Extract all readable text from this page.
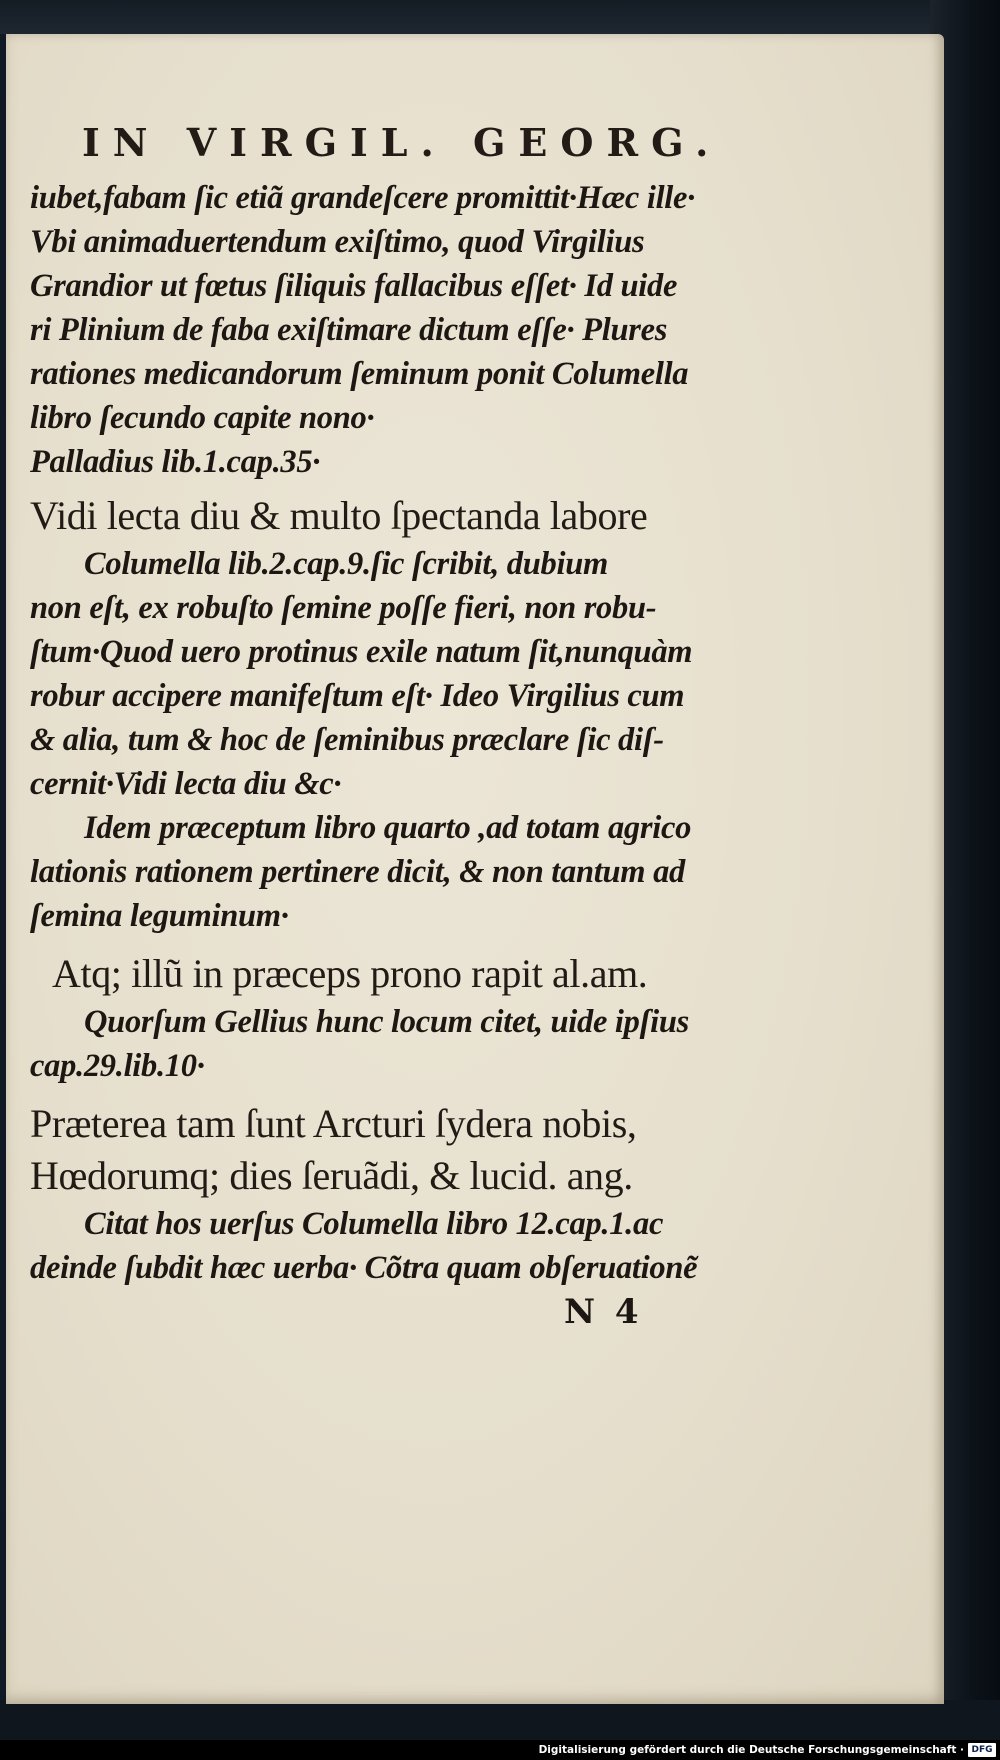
IN VIRGIL. GEORG.
iubet,fabam ſic etiã grandeſcere promittit·Hæc ille·
Vbi animaduertendum exiſtimo, quod Virgilius
Grandior ut fœtus ſiliquis fallacibus eſſet· Id uide
ri Plinium de faba exiſtimare dictum eſſe· Plures
rationes medicandorum ſeminum ponit Columella
libro ſecundo capite nono·
Palladius lib.1.cap.35·
Vidi lecta diu & multo ſpectanda labore
Columella lib.2.cap.9.ſic ſcribit, dubium
non eſt, ex robuſto ſemine poſſe fieri, non robu-
ſtum·Quod uero protinus exile natum ſit,nunquàm
robur accipere manifeſtum eſt· Ideo Virgilius cum
& alia, tum & hoc de ſeminibus præclare ſic diſ-
cernit·Vidi lecta diu &c·
Idem præceptum libro quarto ,ad totam agrico
lationis rationem pertinere dicit, & non tantum ad
ſemina leguminum·
Atq; illũ in præceps prono rapit al.am.
Quorſum Gellius hunc locum citet, uide ipſius
cap.29.lib.10·
Præterea tam ſunt Arcturi ſydera nobis,
Hœdorumq; dies ſeruãdi, & lucid. ang.
Citat hos uerſus Columella libro 12.cap.1.ac
deinde ſubdit hæc uerba· Cõtra quam obſeruationẽ
N 4
Digitalisierung gefördert durch die Deutsche Forschungsgemeinschaft · DFG
